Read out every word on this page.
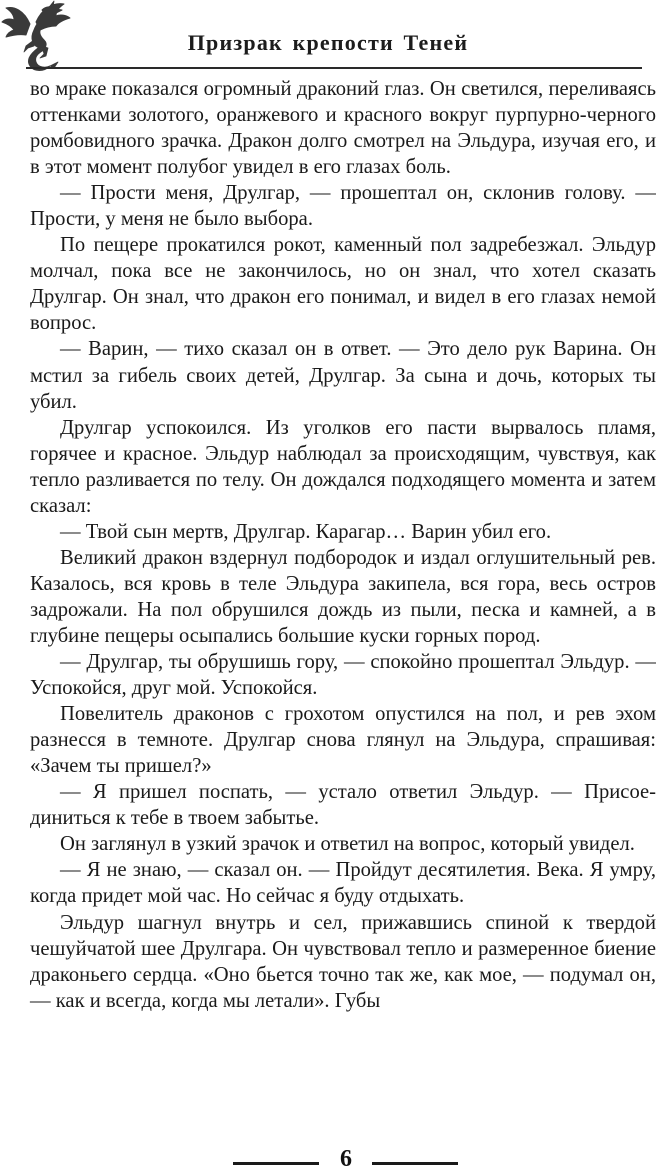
Призрак крепости Теней

во мраке показался огромный драконий глаз. Он светился, переливаясь оттенками золотого, оранжевого и красного вокруг пурпурно-черного ромбовидного зрачка. Дракон долго смотрел на Эльдура, изучая его, и в этот момент полубог увидел в его глазах боль.

— Прости меня, Друлгар, — прошептал он, склонив голову. — Прости, у меня не было выбора.

По пещере прокатился рокот, каменный пол задребезжал. Эльдур молчал, пока все не закончилось, но он знал, что хотел сказать Друлгар. Он знал, что дракон его понимал, и видел в его глазах немой вопрос.

— Варин, — тихо сказал он в ответ. — Это дело рук Варина. Он мстил за гибель своих детей, Друлгар. За сына и дочь, которых ты убил.

Друлгар успокоился. Из уголков его пасти вырвалось пламя, горячее и красное. Эльдур наблюдал за происходящим, чувствуя, как тепло разливается по телу. Он дождался подходящего момента и затем сказал:

— Твой сын мертв, Друлгар. Карагар… Варин убил его.

Великий дракон вздернул подбородок и издал оглушительный рев. Казалось, вся кровь в теле Эльдура закипела, вся гора, весь остров задрожали. На пол обрушился дождь из пыли, песка и камней, а в глубине пещеры осыпались большие куски горных пород.

— Друлгар, ты обрушишь гору, — спокойно прошептал Эльдур. — Успокойся, друг мой. Успокойся.

Повелитель драконов с грохотом опустился на пол, и рев эхом разнесся в темноте. Друлгар снова глянул на Эльдура, спрашивая: «Зачем ты пришел?»

— Я пришел поспать, — устало ответил Эльдур. — Присоединиться к тебе в твоем забытье.

Он заглянул в узкий зрачок и ответил на вопрос, который увидел.

— Я не знаю, — сказал он. — Пройдут десятилетия. Века. Я умру, когда придет мой час. Но сейчас я буду отдыхать.

Эльдур шагнул внутрь и сел, прижавшись спиной к твердой чешуйчатой шее Друлгара. Он чувствовал тепло и размеренное биение драконьего сердца. «Оно бьется точно так же, как мое, — подумал он, — как и всегда, когда мы летали». Губы

6
